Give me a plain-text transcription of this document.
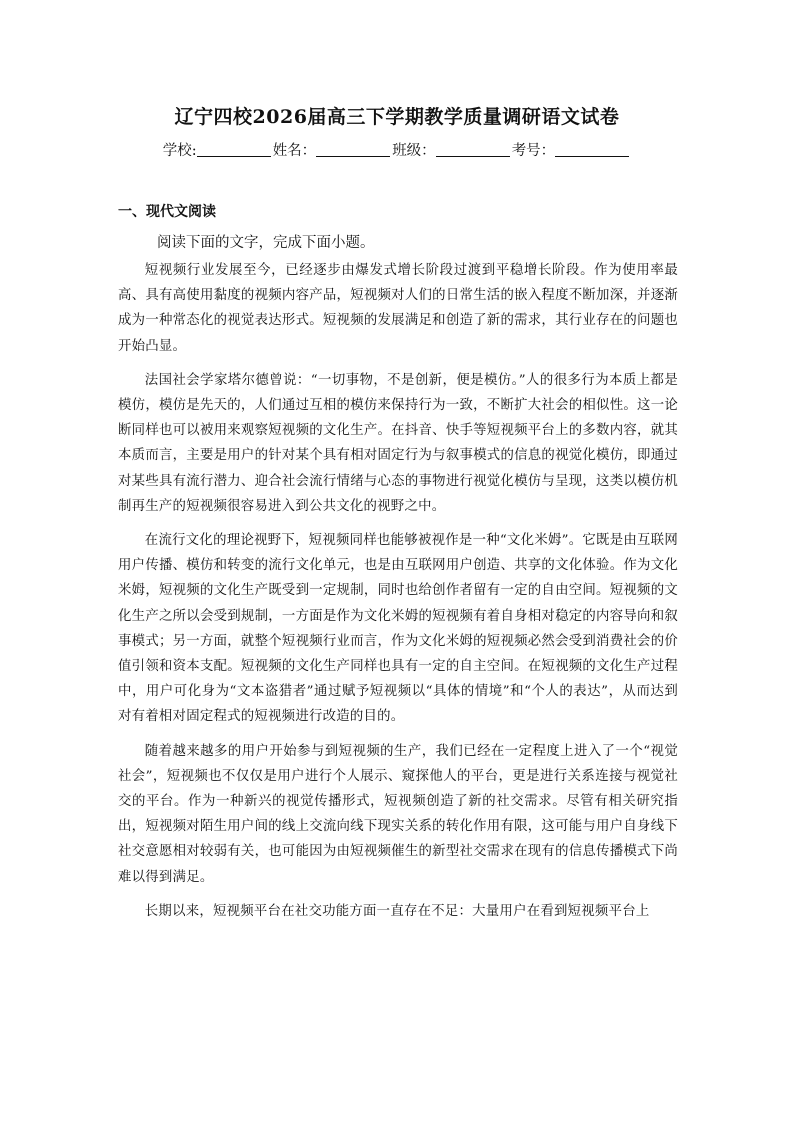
辽宁四校2026届高三下学期教学质量调研语文试卷
学校:	姓名：	班级：	考号：
一、现代文阅读
阅读下面的文字，完成下面小题。

短视频行业发展至今，已经逐步由爆发式增长阶段过渡到平稳增长阶段。作为使用率最高、具有高使用黏度的视频内容产品，短视频对人们的日常生活的嵌入程度不断加深，并逐渐成为一种常态化的视觉表达形式。短视频的发展满足和创造了新的需求，其行业存在的问题也开始凸显。

法国社会学家塔尔德曾说：“一切事物，不是创新，便是模仿。”人的很多行为本质上都是模仿，模仿是先天的，人们通过互相的模仿来保持行为一致，不断扩大社会的相似性。这一论断同样也可以被用来观察短视频的文化生产。在抖音、快手等短视频平台上的多数内容，就其本质而言，主要是用户的针对某个具有相对固定行为与叙事模式的信息的视觉化模仿，即通过对某些具有流行潜力、迎合社会流行情绪与心态的事物进行视觉化模仿与呈现，这类以模仿机制再生产的短视频很容易进入到公共文化的视野之中。

在流行文化的理论视野下，短视频同样也能够被视作是一种“文化米姆”。它既是由互联网用户传播、模仿和转变的流行文化单元，也是由互联网用户创造、共享的文化体验。作为文化米姆，短视频的文化生产既受到一定规制，同时也给创作者留有一定的自由空间。短视频的文化生产之所以会受到规制，一方面是作为文化米姆的短视频有着自身相对稳定的内容导向和叙事模式；另一方面，就整个短视频行业而言，作为文化米姆的短视频必然会受到消费社会的价值引领和资本支配。短视频的文化生产同样也具有一定的自主空间。在短视频的文化生产过程中，用户可化身为“文本盗猎者”通过赋予短视频以“具体的情境”和“个人的表达”，从而达到对有着相对固定程式的短视频进行改造的目的。

随着越来越多的用户开始参与到短视频的生产，我们已经在一定程度上进入了一个“视觉社会”，短视频也不仅仅是用户进行个人展示、窥探他人的平台，更是进行关系连接与视觉社交的平台。作为一种新兴的视觉传播形式，短视频创造了新的社交需求。尽管有相关研究指出，短视频对陌生用户间的线上交流向线下现实关系的转化作用有限，这可能与用户自身线下社交意愿相对较弱有关，也可能因为由短视频催生的新型社交需求在现有的信息传播模式下尚难以得到满足。

长期以来，短视频平台在社交功能方面一直存在不足：大量用户在看到短视频平台上
